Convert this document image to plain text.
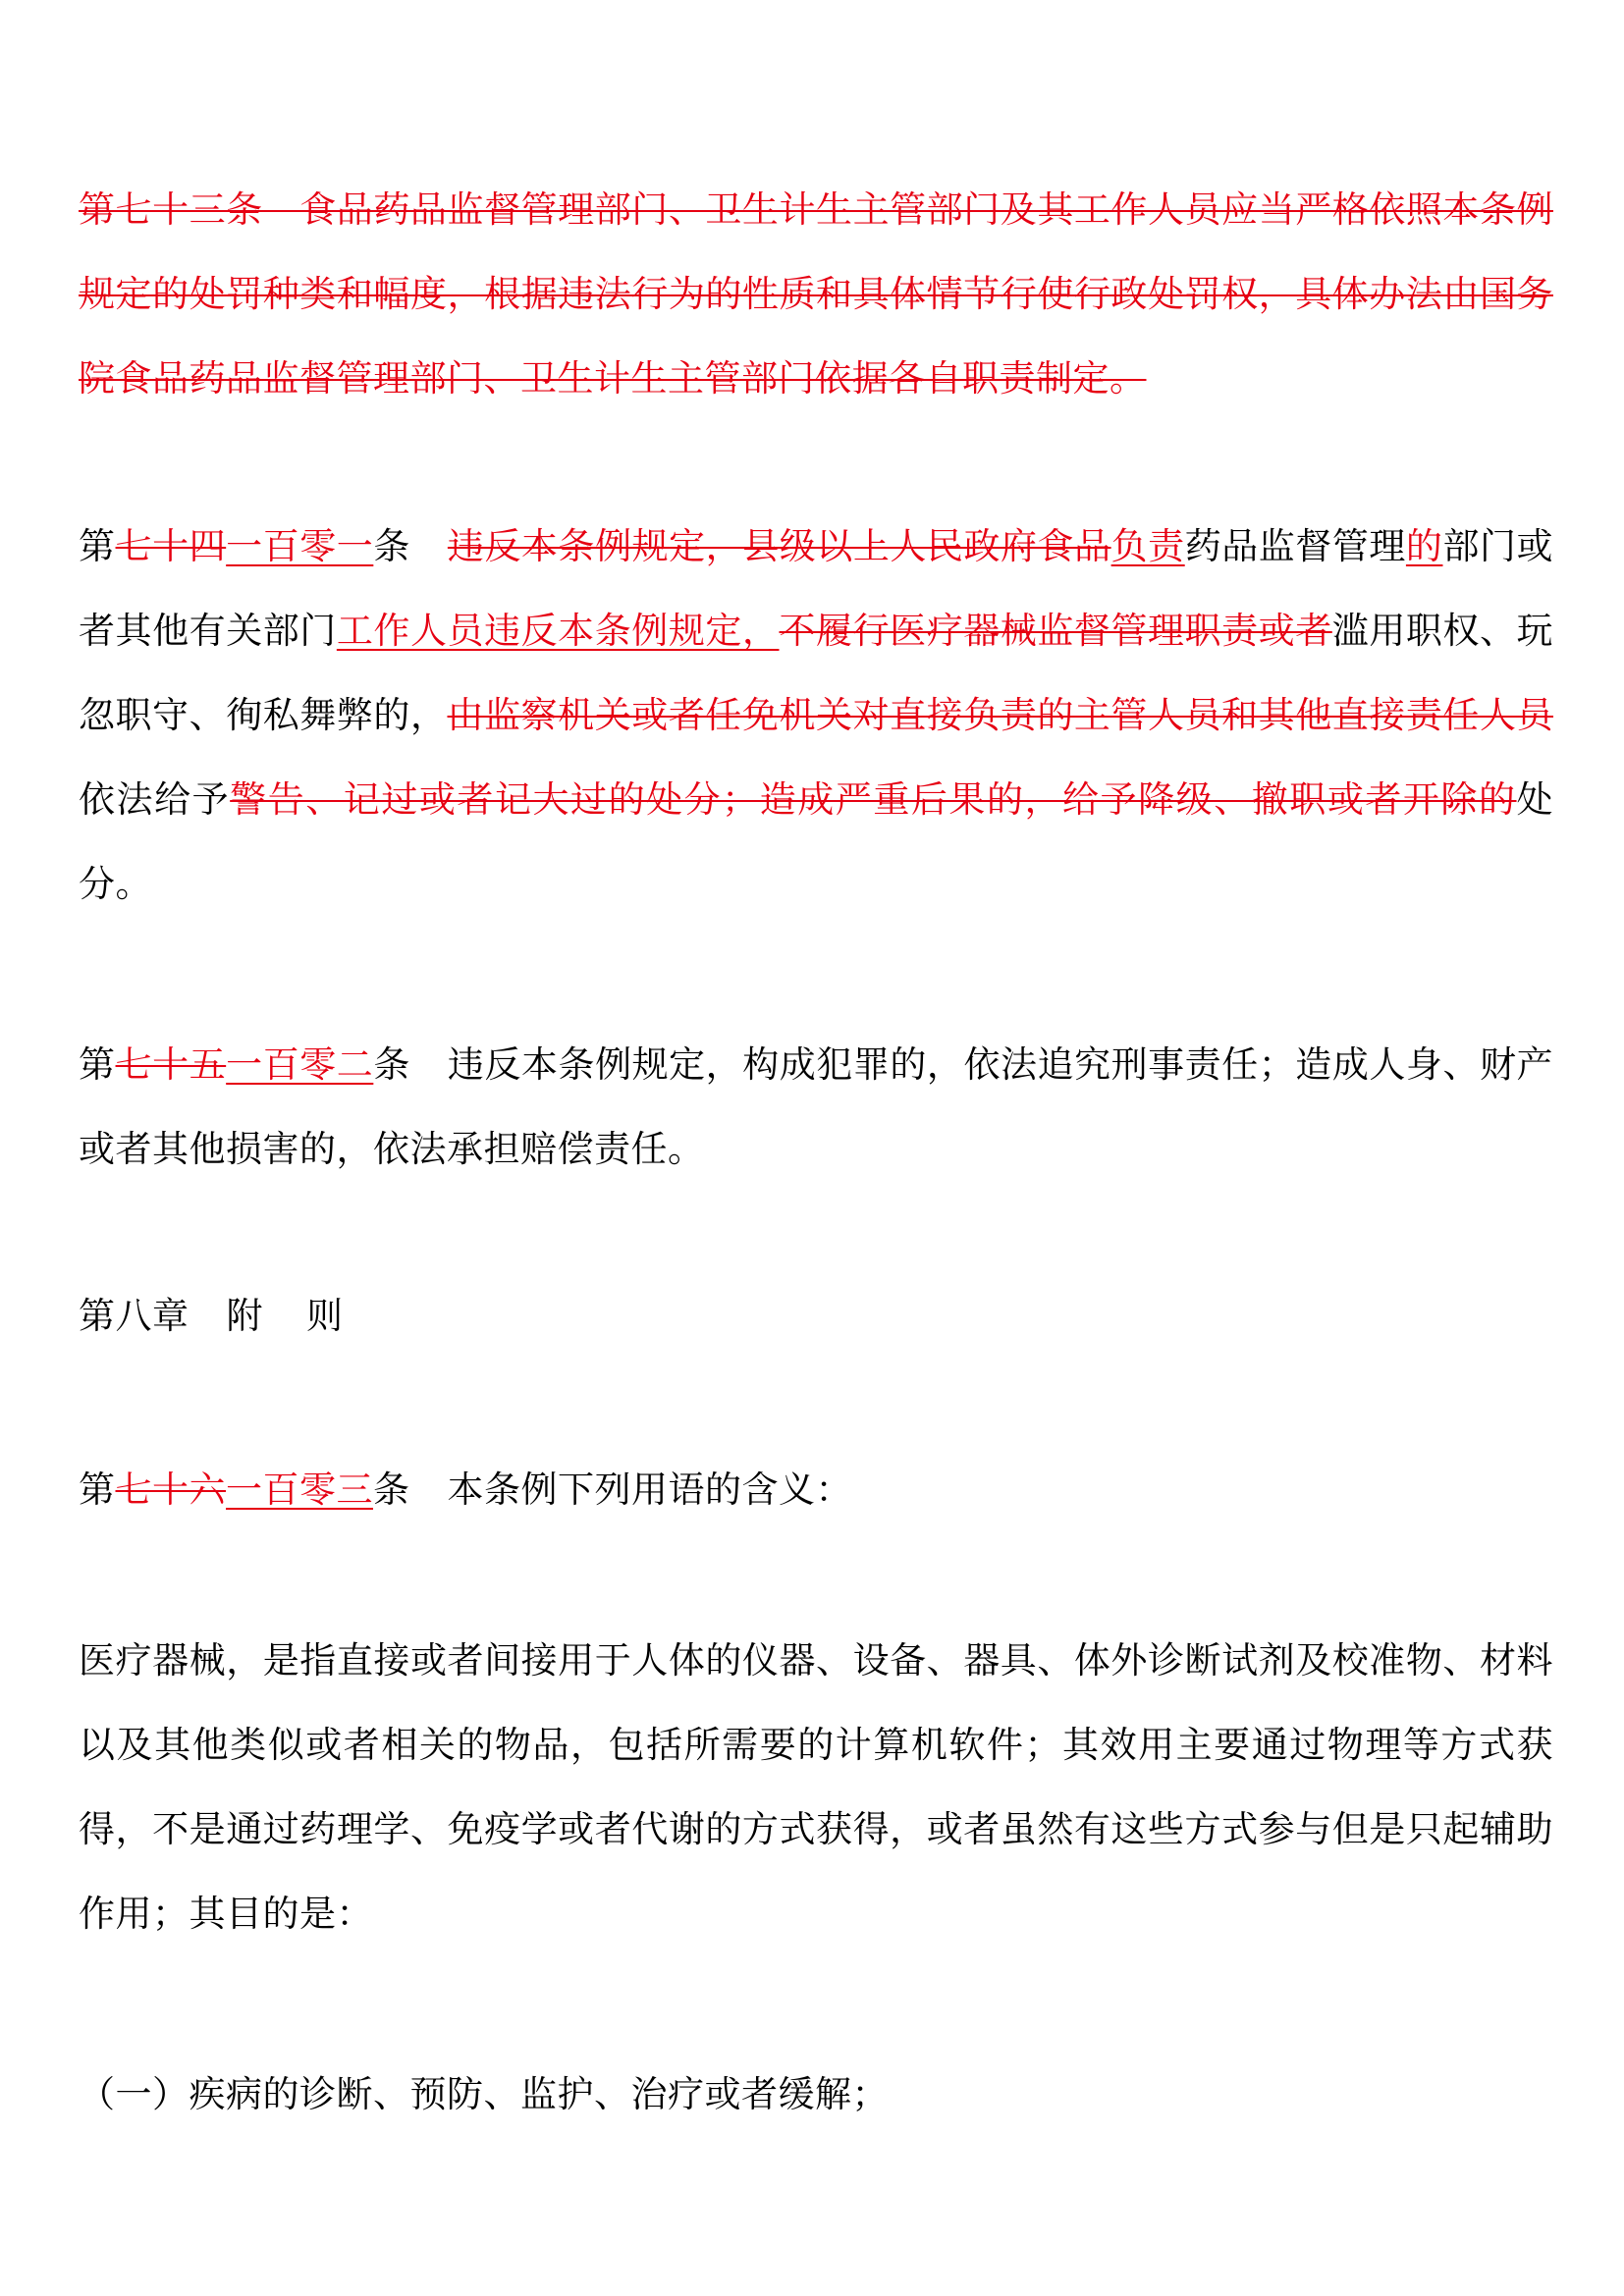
第七十三条　食品药品监督管理部门、卫生计生主管部门及其工作人员应当严格依照本条例规定的处罚种类和幅度，根据违法行为的性质和具体情节行使行政处罚权，具体办法由国务院食品药品监督管理部门、卫生计生主管部门依据各自职责制定。
第七十四一百零一条 违反本条例规定，县级以上人民政府食品负责药品监督管理的部门或者其他有关部门工作人员违反本条例规定，不履行医疗器械监督管理职责或者滥用职权、玩忽职守、徇私舞弊的，由监察机关或者任免机关对直接负责的主管人员和其他直接责任人员依法给予警告、记过或者记大过的处分；造成严重后果的，给予降级、撤职或者开除的处分。
第七十五一百零二条 违反本条例规定，构成犯罪的，依法追究刑事责任；造成人身、财产或者其他损害的，依法承担赔偿责任。
第八章 附 则
第七十六一百零三条 本条例下列用语的含义：
医疗器械，是指直接或者间接用于人体的仪器、设备、器具、体外诊断试剂及校准物、材料以及其他类似或者相关的物品，包括所需要的计算机软件；其效用主要通过物理等方式获得，不是通过药理学、免疫学或者代谢的方式获得，或者虽然有这些方式参与但是只起辅助作用；其目的是：
（一）疾病的诊断、预防、监护、治疗或者缓解；
